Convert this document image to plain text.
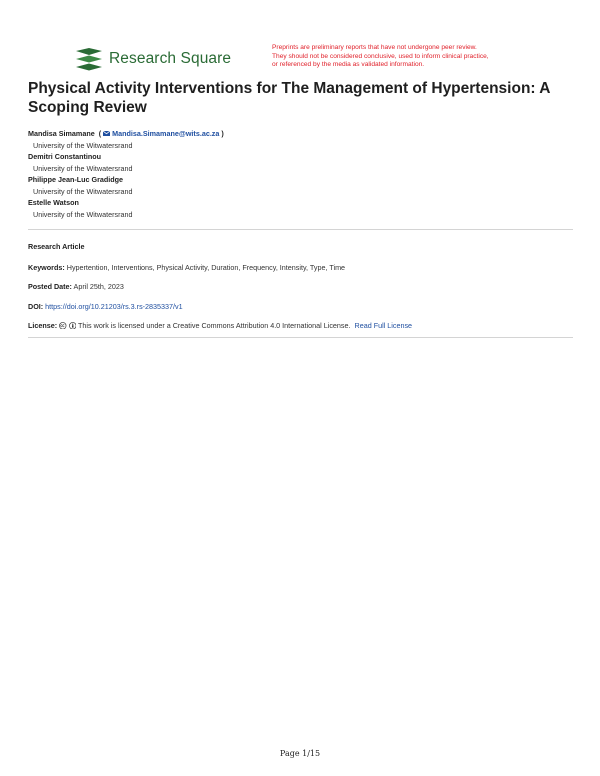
Research Square
Preprints are preliminary reports that have not undergone peer review.
They should not be considered conclusive, used to inform clinical practice,
or referenced by the media as validated information.
Physical Activity Interventions for The Management of Hypertension: A Scoping Review
Mandisa Simamane ( Mandisa.Simamane@wits.ac.za )
University of the Witwatersrand
Demitri Constantinou
University of the Witwatersrand
Philippe Jean-Luc Gradidge
University of the Witwatersrand
Estelle Watson
University of the Witwatersrand
Research Article
Keywords: Hypertention, Interventions, Physical Activity, Duration, Frequency, Intensity, Type, Time
Posted Date: April 25th, 2023
DOI: https://doi.org/10.21203/rs.3.rs-2835337/v1
License:	This work is licensed under a Creative Commons Attribution 4.0 International License. Read Full License
Page 1/15
